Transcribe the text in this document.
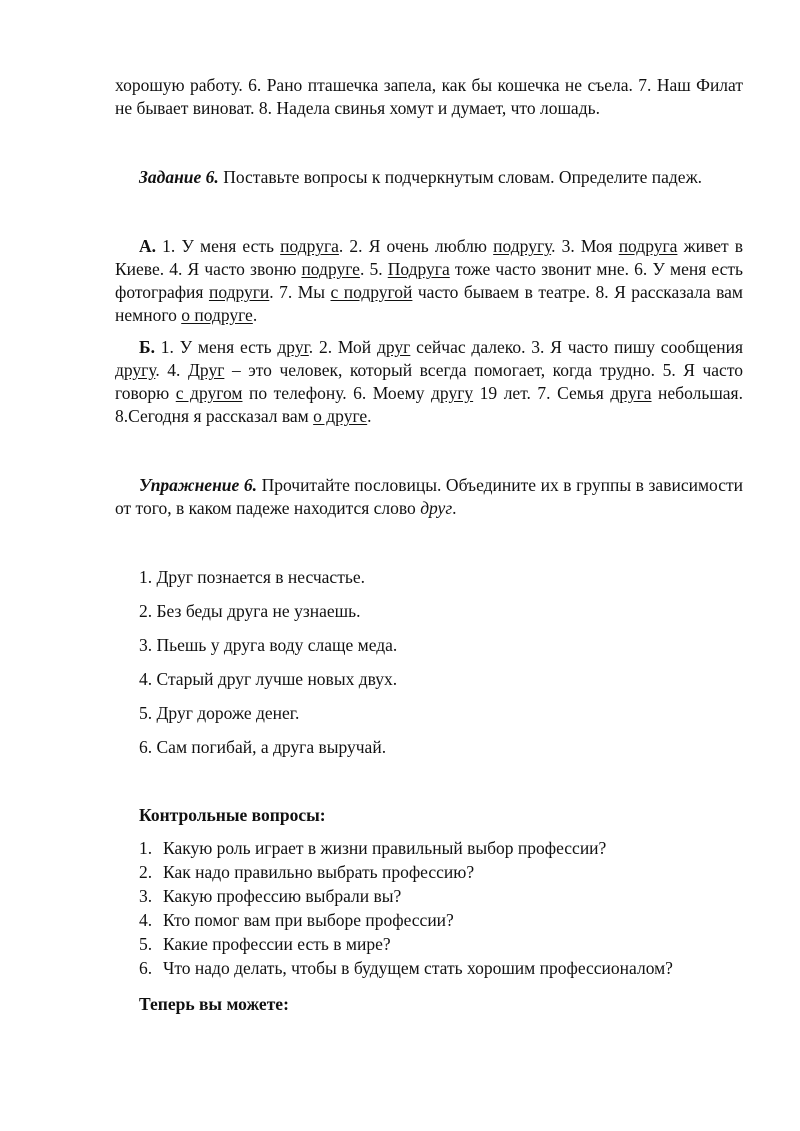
хорошую работу. 6. Рано пташечка запела, как бы кошечка не съела. 7. Наш Филат не бывает виноват. 8. Надела свинья хомут и думает, что лошадь.

Задание 6. Поставьте вопросы к подчеркнутым словам. Определите падеж.

А. 1. У меня есть подруга. 2. Я очень люблю подругу. 3. Моя подруга живет в Киеве. 4. Я часто звоню подруге. 5. Подруга тоже часто звонит мне. 6. У меня есть фотография подруги. 7. Мы с подругой часто бываем в театре. 8. Я рассказала вам немного о подруге.

Б. 1. У меня есть друг. 2. Мой друг сейчас далеко. 3. Я часто пишу сообщения другу. 4. Друг – это человек, который всегда помогает, когда трудно. 5. Я часто говорю с другом по телефону. 6. Моему другу 19 лет. 7. Семья друга небольшая. 8.Сегодня я рассказал вам о друге.

Упражнение 6. Прочитайте пословицы. Объедините их в группы в зависимости от того, в каком падеже находится слово друг.

1. Друг познается в несчастье.
2. Без беды друга не узнаешь.
3. Пьешь у друга воду слаще меда.
4. Старый друг лучше новых двух.
5. Друг дороже денег.
6. Сам погибай, а друга выручай.

Контрольные вопросы:

1. Какую роль играет в жизни правильный выбор профессии?
2. Как надо правильно выбрать профессию?
3. Какую профессию выбрали вы?
4. Кто помог вам при выборе профессии?
5. Какие профессии есть в мире?
6. Что надо делать, чтобы в будущем стать хорошим профессионалом?

Теперь вы можете:
